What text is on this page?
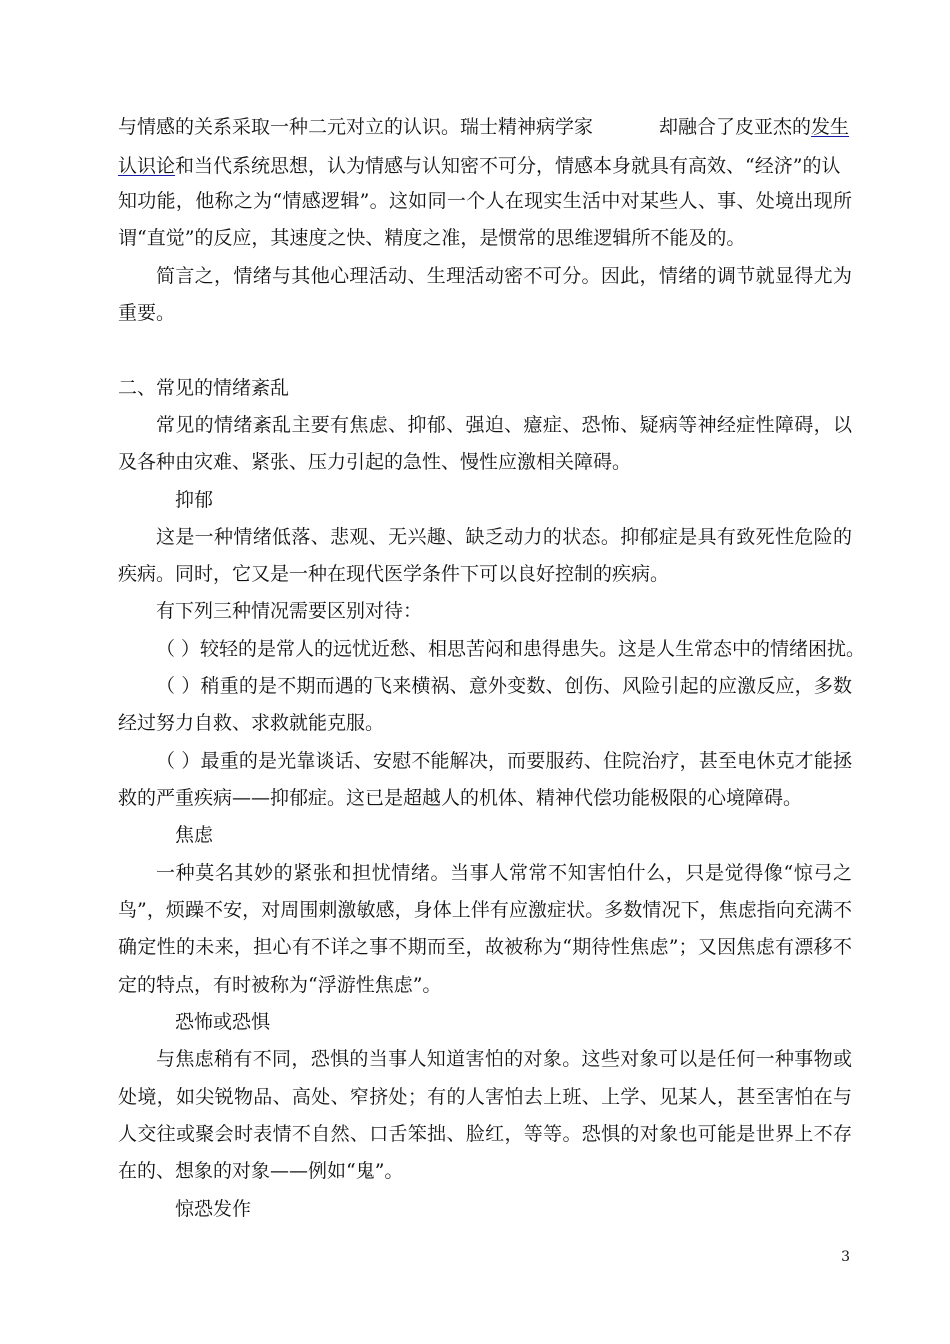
与情感的关系采取一种二元对立的认识。瑞士精神病学家	却融合了皮亚杰的发生
认识论和当代系统思想，认为情感与认知密不可分，情感本身就具有高效、“经济”的认
知功能，他称之为“情感逻辑”。这如同一个人在现实生活中对某些人、事、处境出现所
谓“直觉”的反应，其速度之快、精度之准，是惯常的思维逻辑所不能及的。
简言之，情绪与其他心理活动、生理活动密不可分。因此，情绪的调节就显得尤为
重要。
二、常见的情绪紊乱
常见的情绪紊乱主要有焦虑、抑郁、强迫、癔症、恐怖、疑病等神经症性障碍，以
及各种由灾难、紧张、压力引起的急性、慢性应激相关障碍。
抑郁
这是一种情绪低落、悲观、无兴趣、缺乏动力的状态。抑郁症是具有致死性危险的
疾病。同时，它又是一种在现代医学条件下可以良好控制的疾病。
有下列三种情况需要区别对待：
（ ）较轻的是常人的远忧近愁、相思苦闷和患得患失。这是人生常态中的情绪困扰。
（ ）稍重的是不期而遇的飞来横祸、意外变数、创伤、风险引起的应激反应，多数
经过努力自救、求救就能克服。
（ ）最重的是光靠谈话、安慰不能解决，而要服药、住院治疗，甚至电休克才能拯
救的严重疾病——抑郁症。这已是超越人的机体、精神代偿功能极限的心境障碍。
焦虑
一种莫名其妙的紧张和担忧情绪。当事人常常不知害怕什么，只是觉得像“惊弓之
鸟”，烦躁不安，对周围刺激敏感，身体上伴有应激症状。多数情况下，焦虑指向充满不
确定性的未来，担心有不详之事不期而至，故被称为“期待性焦虑”；又因焦虑有漂移不
定的特点，有时被称为“浮游性焦虑”。
恐怖或恐惧
与焦虑稍有不同，恐惧的当事人知道害怕的对象。这些对象可以是任何一种事物或
处境，如尖锐物品、高处、窄挤处；有的人害怕去上班、上学、见某人，甚至害怕在与
人交往或聚会时表情不自然、口舌笨拙、脸红，等等。恐惧的对象也可能是世界上不存
在的、想象的对象——例如“鬼”。
惊恐发作
3
